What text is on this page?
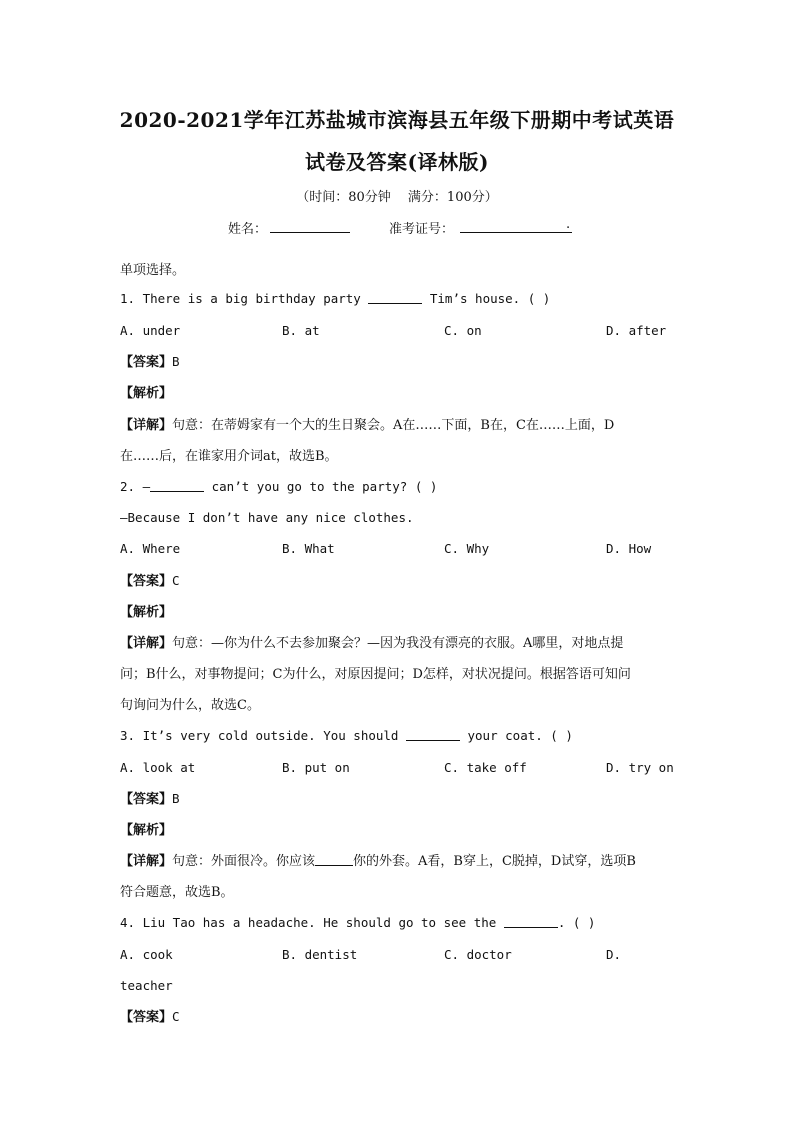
2020-2021学年江苏盐城市滨海县五年级下册期中考试英语
试卷及答案(译林版)
（时间：80分钟　 满分：100分）
姓名：	准考证号：	.
单项选择。
1. There is a big birthday party	Tim’s house. ( )
A. under	B. at	C. on	D. after
【答案】B
【解析】
【详解】句意：在蒂姆家有一个大的生日聚会。A在……下面，B在，C在……上面，D
在……后，在谁家用介词at，故选B。
2. —	can’t you go to the party? ( )
—Because I don’t have any nice clothes.
A. Where	B. What	C. Why	D. How
【答案】C
【解析】
【详解】句意：—你为什么不去参加聚会？—因为我没有漂亮的衣服。A哪里，对地点提
问；B什么，对事物提问；C为什么，对原因提问；D怎样，对状况提问。根据答语可知问
句询问为什么，故选C。
3. It’s very cold outside. You should	your coat. ( )
A. look at	B. put on	C. take off	D. try on
【答案】B
【解析】
【详解】句意：外面很冷。你应该	你的外套。A看，B穿上，C脱掉，D试穿，选项B
符合题意，故选B。
4. Liu Tao has a headache. He should go to see the	. ( )
A. cook	B. dentist	C. doctor	D.
teacher
【答案】C
